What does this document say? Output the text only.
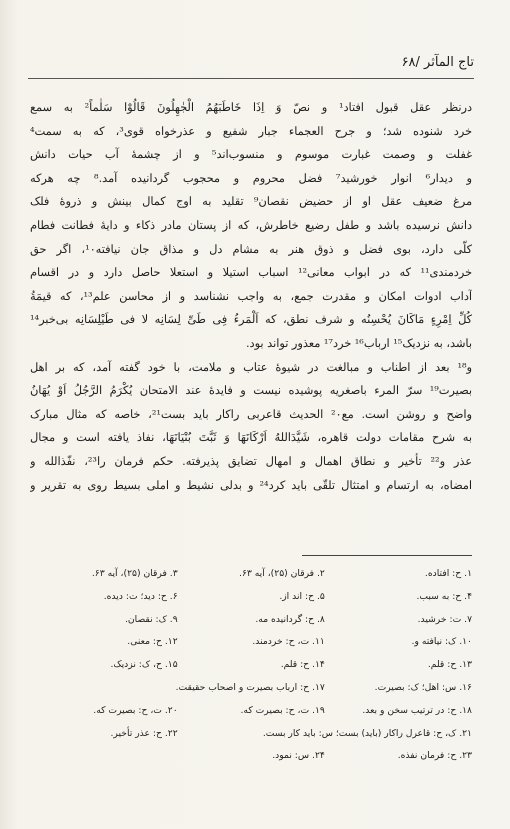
تاج المآثر /۶۸
درنظر عقل قبول افتاد¹ و نصّ وَ اِذَا خَاطَبَهُمُ الْجٰهِلُونَ قَالُوْا سَلٰماً² به سمع
خرد شنوده شد؛ و جرح العجماء جبار شفیع و عذرخواه قوی³، که به سمت⁴
غفلت و وصمت غبارت موسوم و منسوب‌اند⁵ و از چشمهٔ آب حیات دانش
و دیدار⁶ انوار خورشید⁷ فضل محروم و محجوب گردانیده آمد.⁸ چه هرکه
مرغ ضعیف عقل او از حضیض نقصان⁹ تقلید به اوج کمال بینش و ذروهٔ فلک
دانش نرسیده باشد و طفل رضیع خاطرش، که از پستان مادر ذکاء و دایهٔ فطانت فطام
کلّی دارد، بوی فضل و ذوق هنر به مشام دل و مذاق جان نیافته¹٠، اگر حق
خردمندی¹¹ که در ابواب معانی¹² اسباب استیلا و استعلا حاصل دارد و در اقسام
آداب ادوات امکان و مقدرت جمع، به واجب نشناسد و از محاسن علم¹³، که قیمَةُ
کُلِّ اِمْرِءٍ مَاکَانَ یُحْسِنُه و شرف نطق، که اَلْمَرءُ فِی طَیِّ لِسَانِه لا فی طَیْلِسَانِه بی‌خبر¹⁴
باشد، به نزدیک¹⁵ ارباب¹⁶ خرد¹⁷ معذور تواند بود.
و¹⁸ بعد از اطناب و مبالغت در شیوهٔ عتاب و ملامت، با خود گفته آمد، که بر اهل
بصیرت¹⁹ سرّ المرء باصغریه پوشیده نیست و فایدهٔ عند الامتحان یُکْرَمُ الرَّجُلُ اَوْ یُهَانُ
واضح و روشن است. مع²٠ الحدیث قاعربی راکار باید بست²¹، خاصه که مثال مبارک
به شرح مقامات دولت قاهره، شَیَّدَاللهُ اَرْکَانَهَا وَ ثَبَّتَ بُنْیَانَهَا، نفاذ یافته است و مجال
عذر و²² تأخیر و نطاق اهمال و امهال تضایق پذیرفته. حکم فرمان را²³، نفّذالله و
امضاه، به ارتسام و امتثال تلقّی باید کرد²⁴ و بدلی نشیط و املی بسیط روی به تقریر و
۱. ح: افتاده.
۲. فرقان (۲۵)، آیه ۶۳.
۳. فرقان (۲۵)، آیه ۶۳.
۴. ح: به سبب.
۵. ح: اند از.
۶. ح: دید؛ ت: دیده.
۷. ت: خرشید.
۸. ح: گردانیده مه.
۹. ک: نقصان.
۱۰. ک: نیافته و.
۱۱. ت، ح: خردمند.
۱۲. ح: معنی.
۱۳. ح: قلم.
۱۴. ح: قلم.
۱۵. ح، ک: نزدیک.
۱۶. س: اهل؛ ک: بصیرت.
۱۷. ح: ارباب بصیرت و اصحاب حقیقت.
۱۸. ح: در ترتیب سخن و بعد.
۱۹. ت، ح: بصیرت که.
۲۰. ت، ح: بصیرت که.
۲۱. ک، ح: قاعرل راکار (باید) بست؛ س: باید کار بست.
۲۲. ح: عذر تأخیر.
۲۳. ح: فرمان نفذه.
۲۴. س: نمود.
